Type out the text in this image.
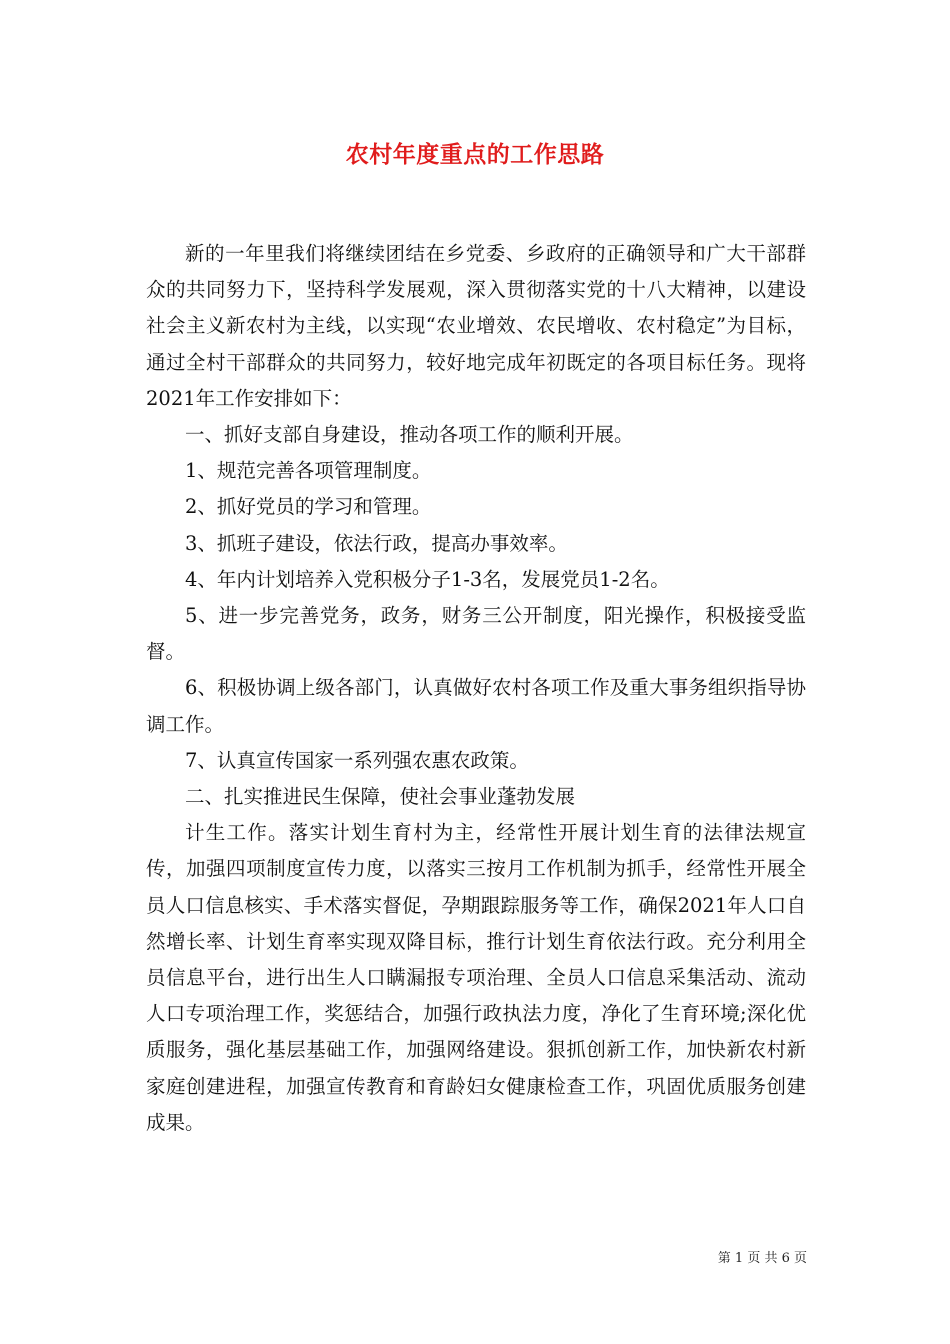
农村年度重点的工作思路

新的一年里我们将继续团结在乡党委、乡政府的正确领导和广大干部群众的共同努力下，坚持科学发展观，深入贯彻落实党的十八大精神，以建设社会主义新农村为主线，以实现“农业增效、农民增收、农村稳定”为目标，通过全村干部群众的共同努力，较好地完成年初既定的各项目标任务。现将2021年工作安排如下：

一、抓好支部自身建设，推动各项工作的顺利开展。

1、规范完善各项管理制度。

2、抓好党员的学习和管理。

3、抓班子建设，依法行政，提高办事效率。

4、年内计划培养入党积极分子1-3名，发展党员1-2名。

5、进一步完善党务，政务，财务三公开制度，阳光操作，积极接受监督。

6、积极协调上级各部门，认真做好农村各项工作及重大事务组织指导协调工作。

7、认真宣传国家一系列强农惠农政策。

二、扎实推进民生保障，使社会事业蓬勃发展

计生工作。落实计划生育村为主，经常性开展计划生育的法律法规宣传，加强四项制度宣传力度，以落实三按月工作机制为抓手，经常性开展全员人口信息核实、手术落实督促，孕期跟踪服务等工作，确保2021年人口自然增长率、计划生育率实现双降目标，推行计划生育依法行政。充分利用全员信息平台，进行出生人口瞒漏报专项治理、全员人口信息采集活动、流动人口专项治理工作，奖惩结合，加强行政执法力度，净化了生育环境;深化优质服务，强化基层基础工作，加强网络建设。狠抓创新工作，加快新农村新家庭创建进程，加强宣传教育和育龄妇女健康检查工作，巩固优质服务创建成果。

第 1 页 共 6 页
